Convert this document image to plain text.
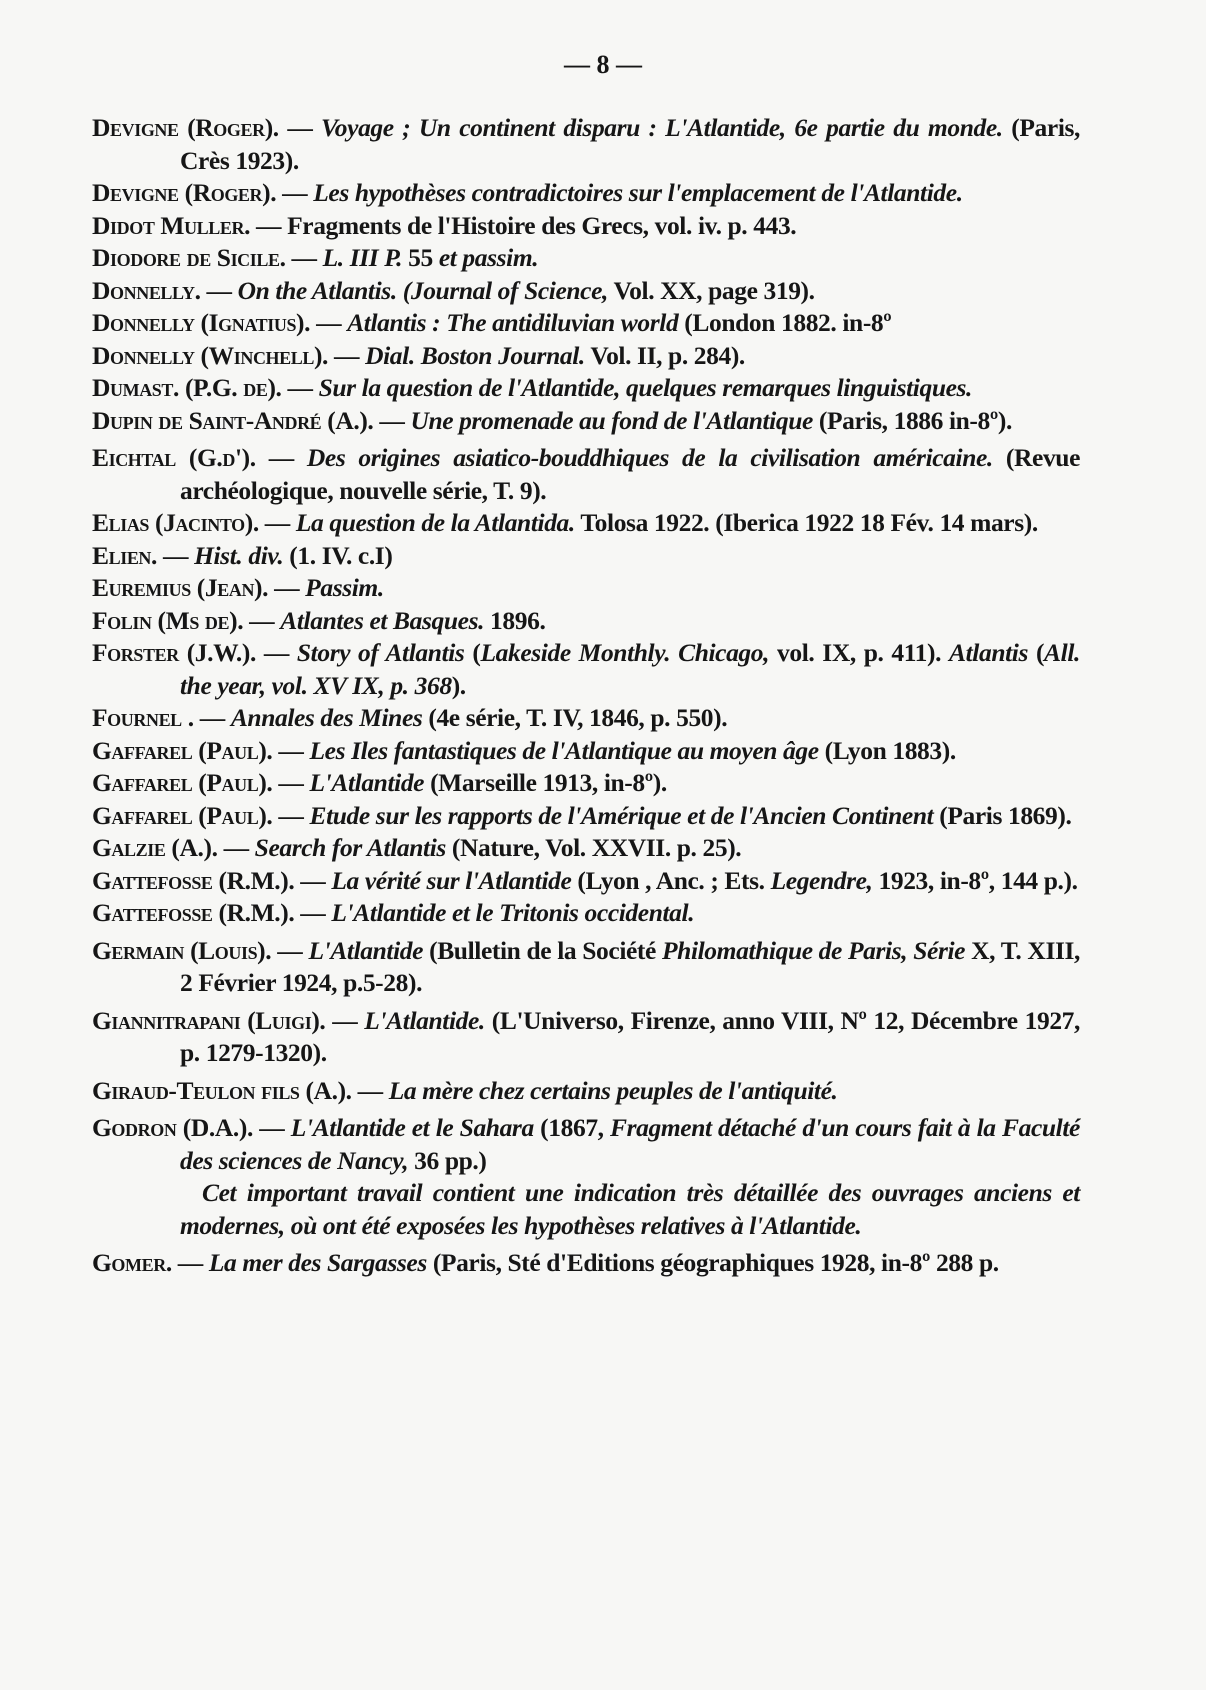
— 8 —

Devigne (Roger). — Voyage ; Un continent disparu : L'Atlantide, 6e partie du monde. (Paris, Crès 1923).

Devigne (Roger). — Les hypothèses contradictoires sur l'emplacement de l'Atlantide.

Didot Muller. — Fragments de l'Histoire des Grecs, vol. iv. p. 443.

Diodore de Sicile. — L. III P. 55 et passim.

Donnelly. — On the Atlantis. (Journal of Science, Vol. XX, page 319).

Donnelly (Ignatius). — Atlantis : The antidiluvian world (London 1882. in-8º

Donnelly (Winchell). — Dial. Boston Journal. Vol. II, p. 284).

Dumast. (P.G. de). — Sur la question de l'Atlantide, quelques remarques linguistiques.

Dupin de Saint-André (A.). — Une promenade au fond de l'Atlantique (Paris, 1886 in-8º).

Eichtal (G.d'). — Des origines asiatico-bouddhiques de la civilisation américaine. (Revue archéologique, nouvelle série, T. 9).

Elias (Jacinto). — La question de la Atlantida. Tolosa 1922. (Iberica 1922 18 Fév. 14 mars).

Elien. — Hist. div. (1. IV. c.I)

Euremius (Jean). — Passim.

Folin (Ms de). — Atlantes et Basques. 1896.

Forster (J.W.). — Story of Atlantis (Lakeside Monthly. Chicago, vol. IX, p. 411). Atlantis (All. the year, vol. XV IX, p. 368).

Fournel . — Annales des Mines (4e série, T. IV, 1846, p. 550).

Gaffarel (Paul). — Les Iles fantastiques de l'Atlantique au moyen âge (Lyon 1883).

Gaffarel (Paul). — L'Atlantide (Marseille 1913, in-8º).

Gaffarel (Paul). — Etude sur les rapports de l'Amérique et de l'Ancien Continent (Paris 1869).

Galzie (A.). — Search for Atlantis (Nature, Vol. XXVII. p. 25).

Gattefosse (R.M.). — La vérité sur l'Atlantide (Lyon , Anc. ; Ets. Legendre, 1923, in-8º, 144 p.).

Gattefosse (R.M.). — L'Atlantide et le Tritonis occidental.

Germain (Louis). — L'Atlantide (Bulletin de la Société Philomathique de Paris, Série X, T. XIII, 2 Février 1924, p.5-28).

Giannitrapani (Luigi). — L'Atlantide. (L'Universo, Firenze, anno VIII, Nº 12, Décembre 1927, p. 1279-1320).

Giraud-Teulon fils (A.). — La mère chez certains peuples de l'antiquité.

Godron (D.A.). — L'Atlantide et le Sahara (1867, Fragment détaché d'un cours fait à la Faculté des sciences de Nancy, 36 pp.)
Cet important travail contient une indication très détaillée des ouvrages anciens et modernes, où ont été exposées les hypothèses relatives à l'Atlantide.

Gomer. — La mer des Sargasses (Paris, Sté d'Editions géographiques 1928, in-8º 288 p.
